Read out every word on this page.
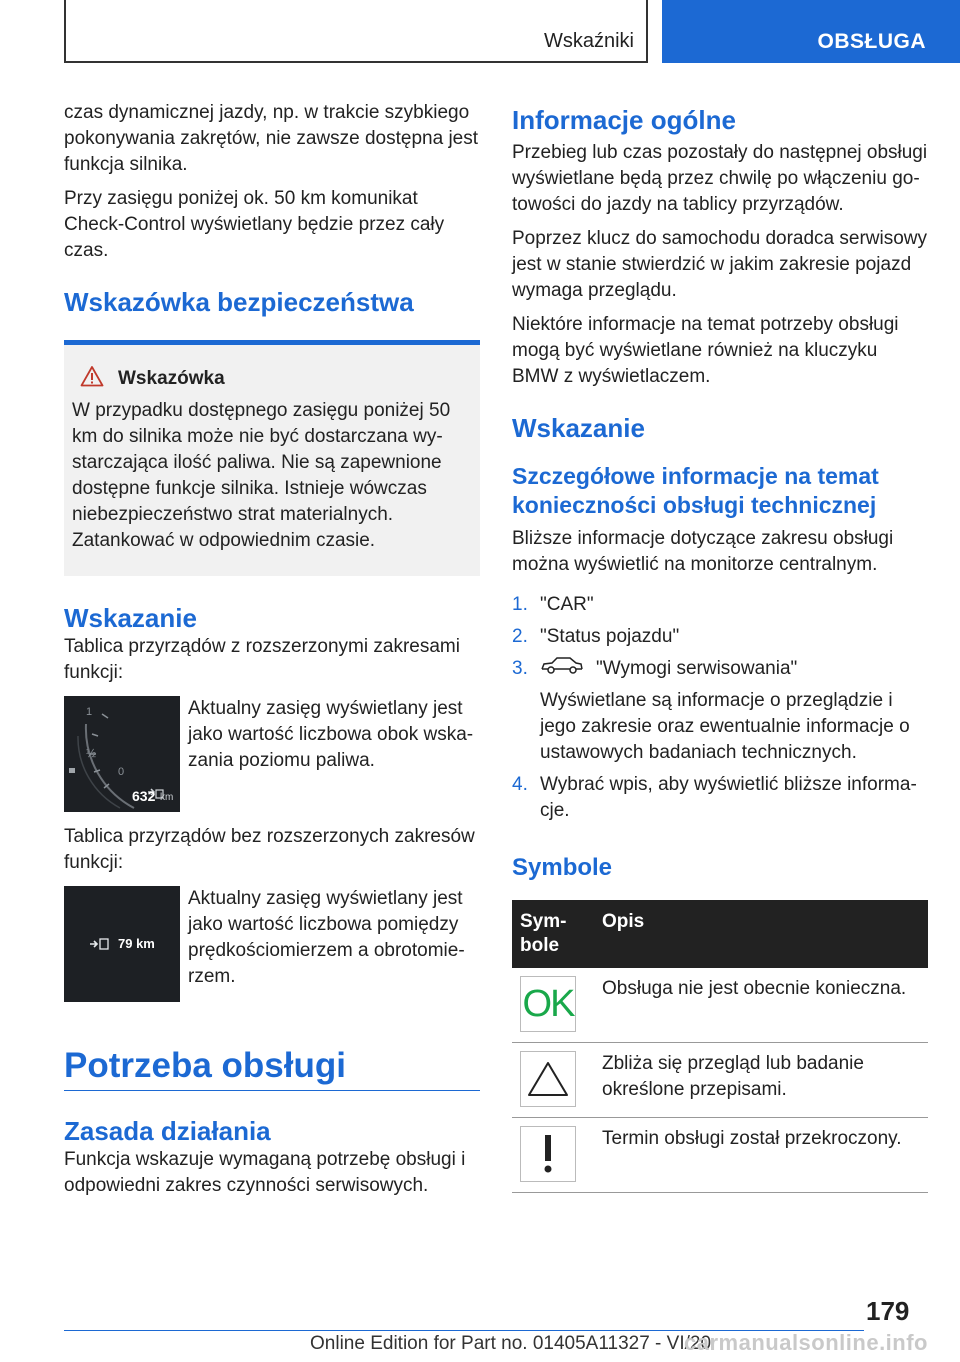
Wskaźniki	OBSŁUGA

czas dynamicznej jazdy, np. w trakcie szybkiego pokonywania zakrętów, nie zawsze dostępna jest funkcja silnika.

Przy zasięgu poniżej ok. 50 km komunikat Check-Control wyświetlany będzie przez cały czas.

Wskazówka bezpieczeństwa
Wskazówka

W przypadku dostępnego zasięgu poniżej 50 km do silnika może nie być dostarczana wystarczająca ilość paliwa. Nie są zapewnione dostępne funkcje silnika. Istnieje wówczas niebezpieczeństwo strat materialnych. Zatankować w odpowiednim czasie.

Wskazanie

Tablica przyrządów z rozszerzonymi zakresami funkcji:

1
½
0
632 km
Aktualny zasięg wyświetlany jest jako wartość liczbowa obok wskazania poziomu paliwa.

Tablica przyrządów bez rozszerzonych zakresów funkcji:

79 km
Aktualny zasięg wyświetlany jest jako wartość liczbowa pomiędzy prędkościomierzem a obrotomierzem.
Potrzeba obsługi
Zasada działania

Funkcja wskazuje wymaganą potrzebę obsługi i odpowiedni zakres czynności serwisowych.

Informacje ogólne

Przebieg lub czas pozostały do następnej obsługi wyświetlane będą przez chwilę po włączeniu gotowości do jazdy na tablicy przyrządów.

Poprzez klucz do samochodu doradca serwisowy jest w stanie stwierdzić w jakim zakresie pojazd wymaga przeglądu.

Niektóre informacje na temat potrzeby obsługi mogą być wyświetlane również na kluczyku BMW z wyświetlaczem.

Wskazanie
Szczegółowe informacje na temat konieczności obsługi technicznej

Bliższe informacje dotyczące zakresu obsługi można wyświetlić na monitorze centralnym.

1. "CAR"
2. "Status pojazdu"
3.	"Wymogi serwisowania"
Wyświetlane są informacje o przeglądzie i jego zakresie oraz ewentualnie informacje o ustawowych badaniach technicznych.
4. Wybrać wpis, aby wyświetlić bliższe informacje.
Symbole
Symbole	Opis

OK	Obsługa nie jest obecnie konieczna.

	Zbliża się przegląd lub badanie określone przepisami.

	Termin obsługi został przekroczony.
179
Online Edition for Part no. 01405A11327 - VI/20
carmanualsonline.info
